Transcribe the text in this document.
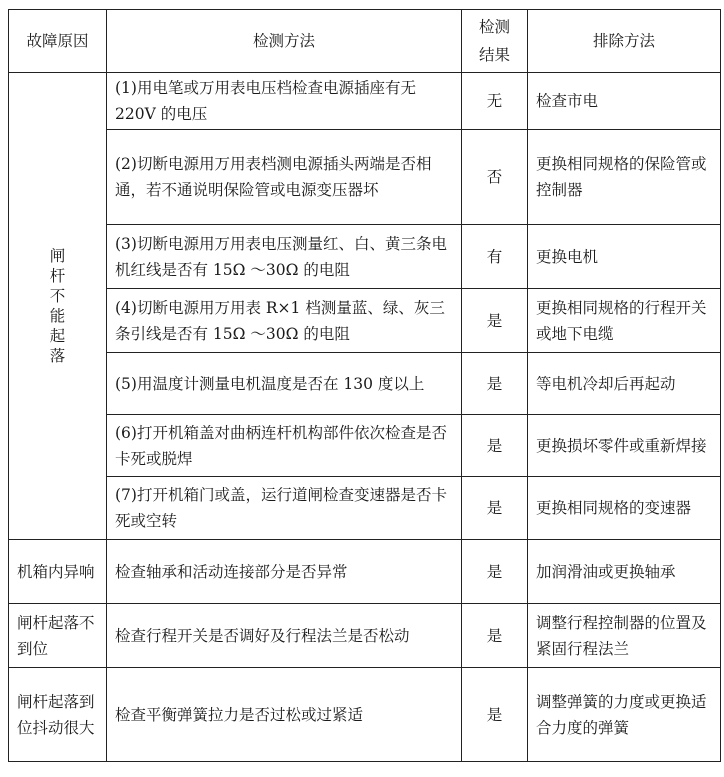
故障原因	检测方法	检测结果	排除方法

闸杆不能起落	(1)用电笔或万用表电压档检查电源插座有无 220V 的电压	无	检查市电
	(2)切断电源用万用表档测电源插头两端是否相通，若不通说明保险管或电源变压器坏	否	更换相同规格的保险管或控制器
	(3)切断电源用万用表电压测量红、白、黄三条电机红线是否有 15Ω ～30Ω 的电阻	有	更换电机
	(4)切断电源用万用表 R×1 档测量蓝、绿、灰三条引线是否有 15Ω ～30Ω 的电阻	是	更换相同规格的行程开关或地下电缆
	(5)用温度计测量电机温度是否在 130 度以上	是	等电机冷却后再起动
	(6)打开机箱盖对曲柄连杆机构部件依次检查是否卡死或脱焊	是	更换损坏零件或重新焊接
	(7)打开机箱门或盖，运行道闸检查变速器是否卡死或空转	是	更换相同规格的变速器
机箱内异响	检查轴承和活动连接部分是否异常	是	加润滑油或更换轴承
闸杆起落不到位	检查行程开关是否调好及行程法兰是否松动	是	调整行程控制器的位置及紧固行程法兰
闸杆起落到位抖动很大	检查平衡弹簧拉力是否过松或过紧适	是	调整弹簧的力度或更换适合力度的弹簧
